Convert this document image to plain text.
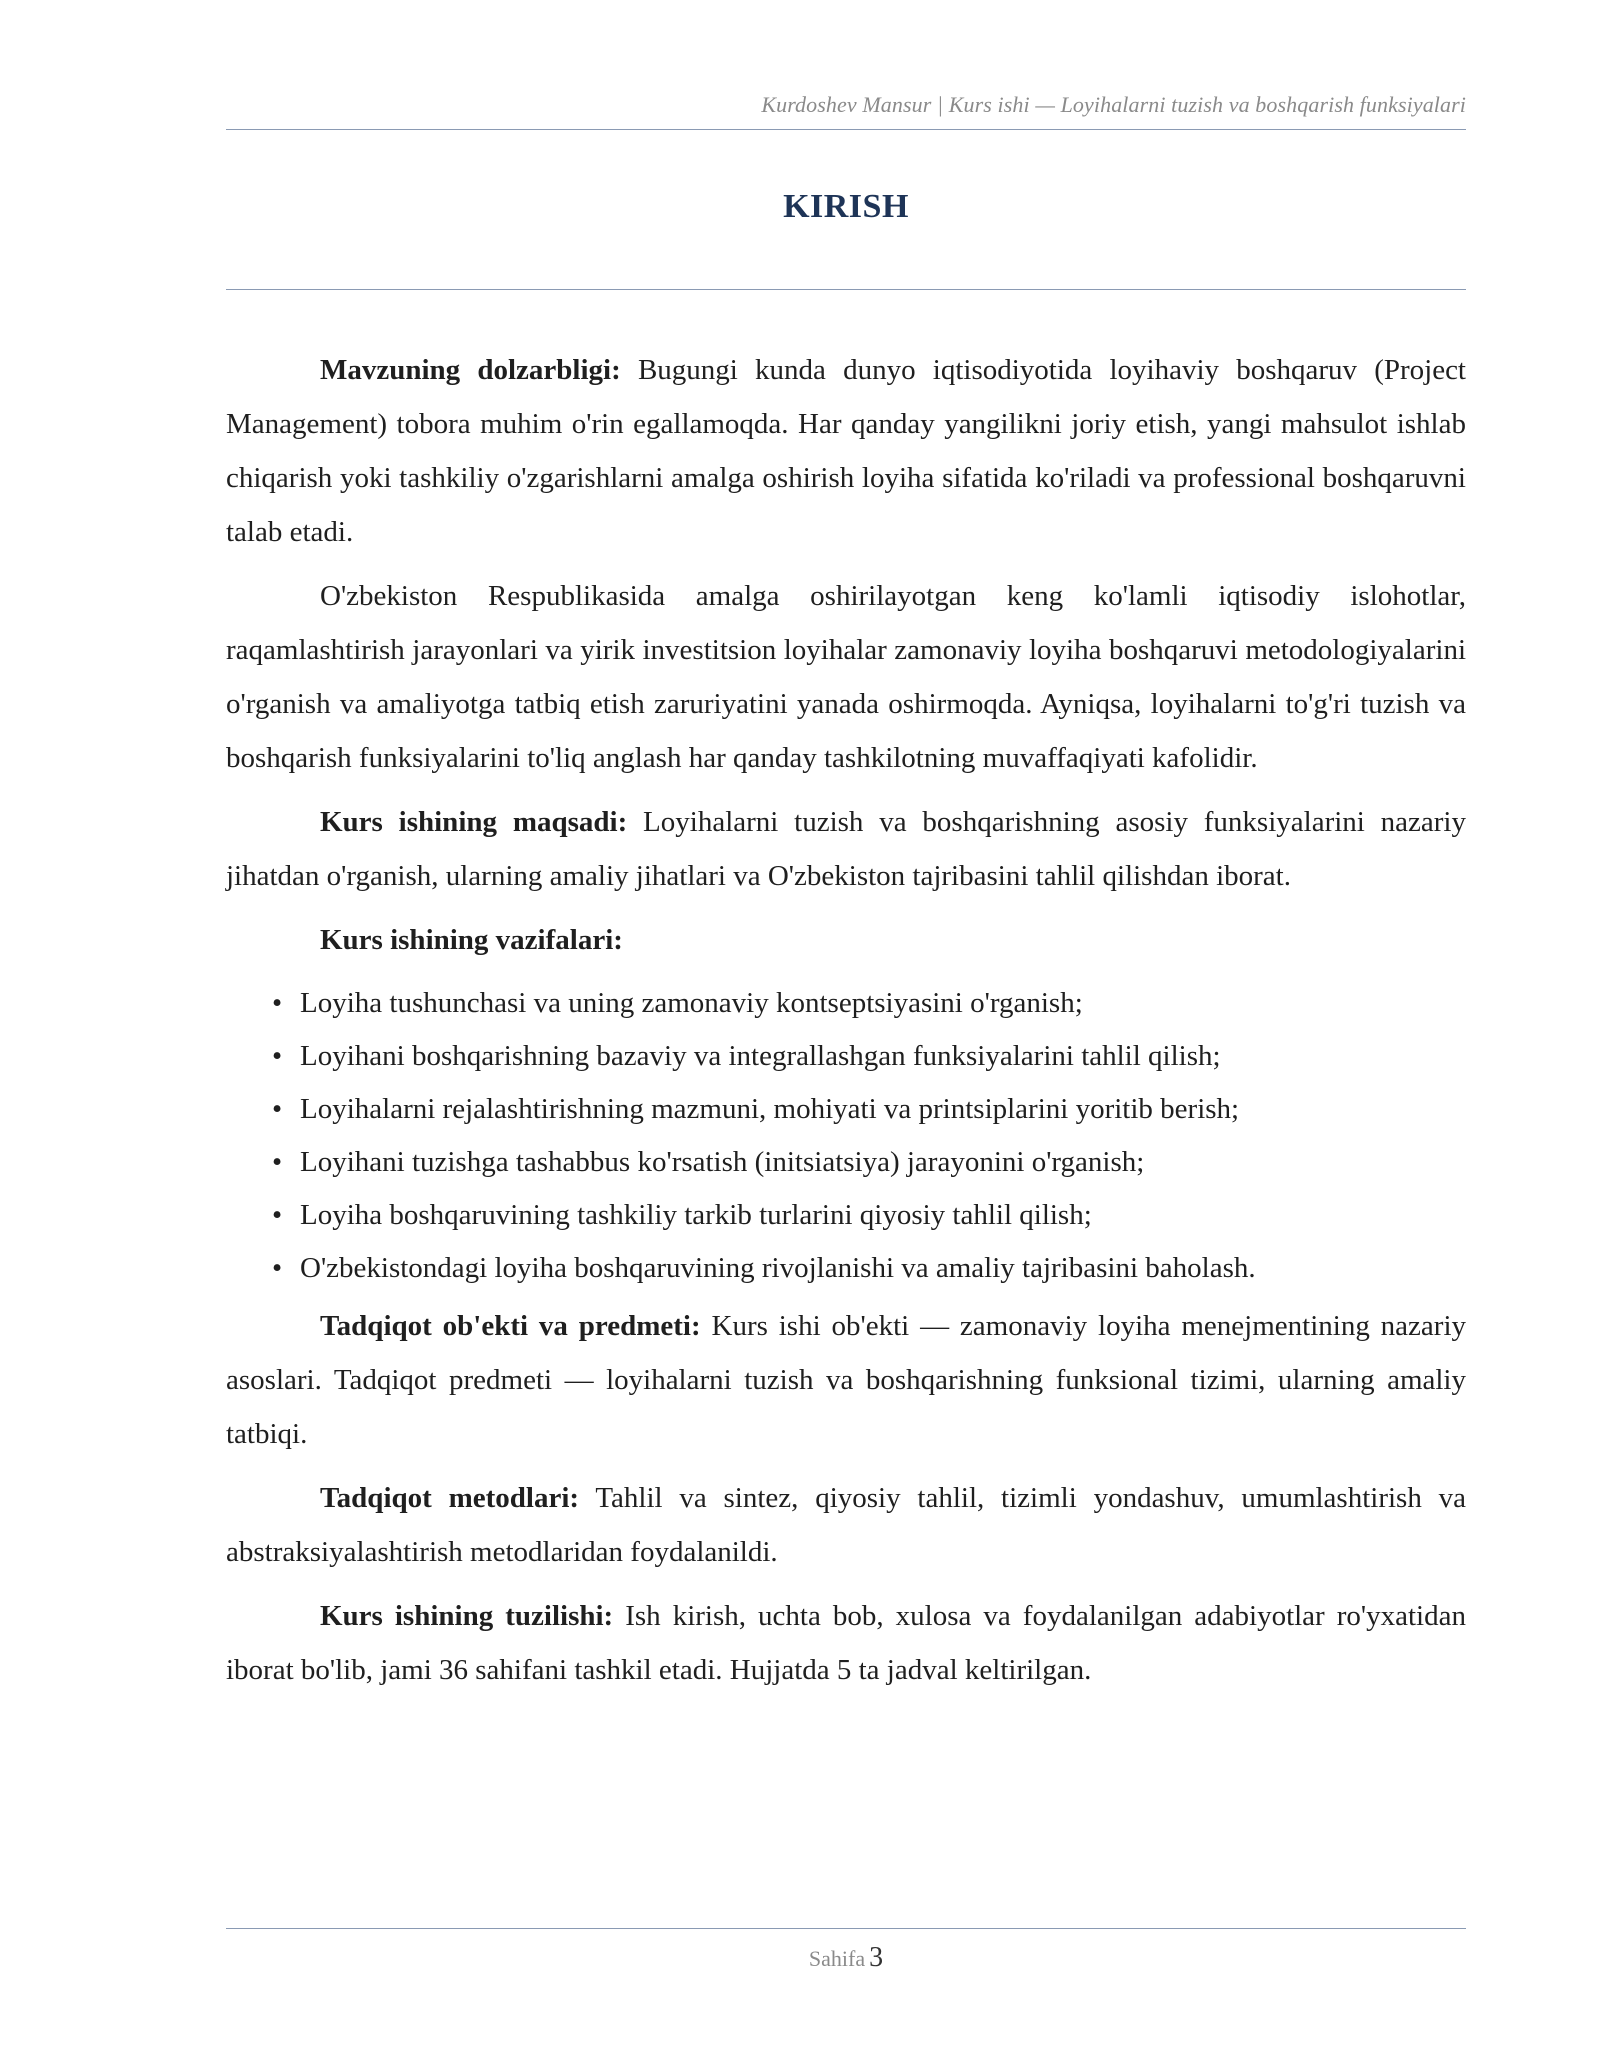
Kurdoshev Mansur | Kurs ishi — Loyihalarni tuzish va boshqarish funksiyalari
KIRISH

Mavzuning dolzarbligi: Bugungi kunda dunyo iqtisodiyotida loyihaviy boshqaruv (Project Management) tobora muhim o'rin egallamoqda. Har qanday yangilikni joriy etish, yangi mahsulot ishlab chiqarish yoki tashkiliy o'zgarishlarni amalga oshirish loyiha sifatida ko'riladi va professional boshqaruvni talab etadi.

O'zbekiston Respublikasida amalga oshirilayotgan keng ko'lamli iqtisodiy islohotlar, raqamlashtirish jarayonlari va yirik investitsion loyihalar zamonaviy loyiha boshqaruvi metodologiyalarini o'rganish va amaliyotga tatbiq etish zaruriyatini yanada oshirmoqda. Ayniqsa, loyihalarni to'g'ri tuzish va boshqarish funksiyalarini to'liq anglash har qanday tashkilotning muvaffaqiyati kafolidir.

Kurs ishining maqsadi: Loyihalarni tuzish va boshqarishning asosiy funksiyalarini nazariy jihatdan o'rganish, ularning amaliy jihatlari va O'zbekiston tajribasini tahlil qilishdan iborat.

Kurs ishining vazifalari:

• Loyiha tushunchasi va uning zamonaviy kontseptsiyasini o'rganish;
• Loyihani boshqarishning bazaviy va integrallashgan funksiyalarini tahlil qilish;
• Loyihalarni rejalashtirishning mazmuni, mohiyati va printsiplarini yoritib berish;
• Loyihani tuzishga tashabbus ko'rsatish (initsiatsiya) jarayonini o'rganish;
• Loyiha boshqaruvining tashkiliy tarkib turlarini qiyosiy tahlil qilish;
• O'zbekistondagi loyiha boshqaruvining rivojlanishi va amaliy tajribasini baholash.

Tadqiqot ob'ekti va predmeti: Kurs ishi ob'ekti — zamonaviy loyiha menejmentining nazariy asoslari. Tadqiqot predmeti — loyihalarni tuzish va boshqarishning funksional tizimi, ularning amaliy tatbiqi.

Tadqiqot metodlari: Tahlil va sintez, qiyosiy tahlil, tizimli yondashuv, umumlashtirish va abstraksiyalashtirish metodlaridan foydalanildi.

Kurs ishining tuzilishi: Ish kirish, uchta bob, xulosa va foydalanilgan adabiyotlar ro'yxatidan iborat bo'lib, jami 36 sahifani tashkil etadi. Hujjatda 5 ta jadval keltirilgan.

Sahifa 3
